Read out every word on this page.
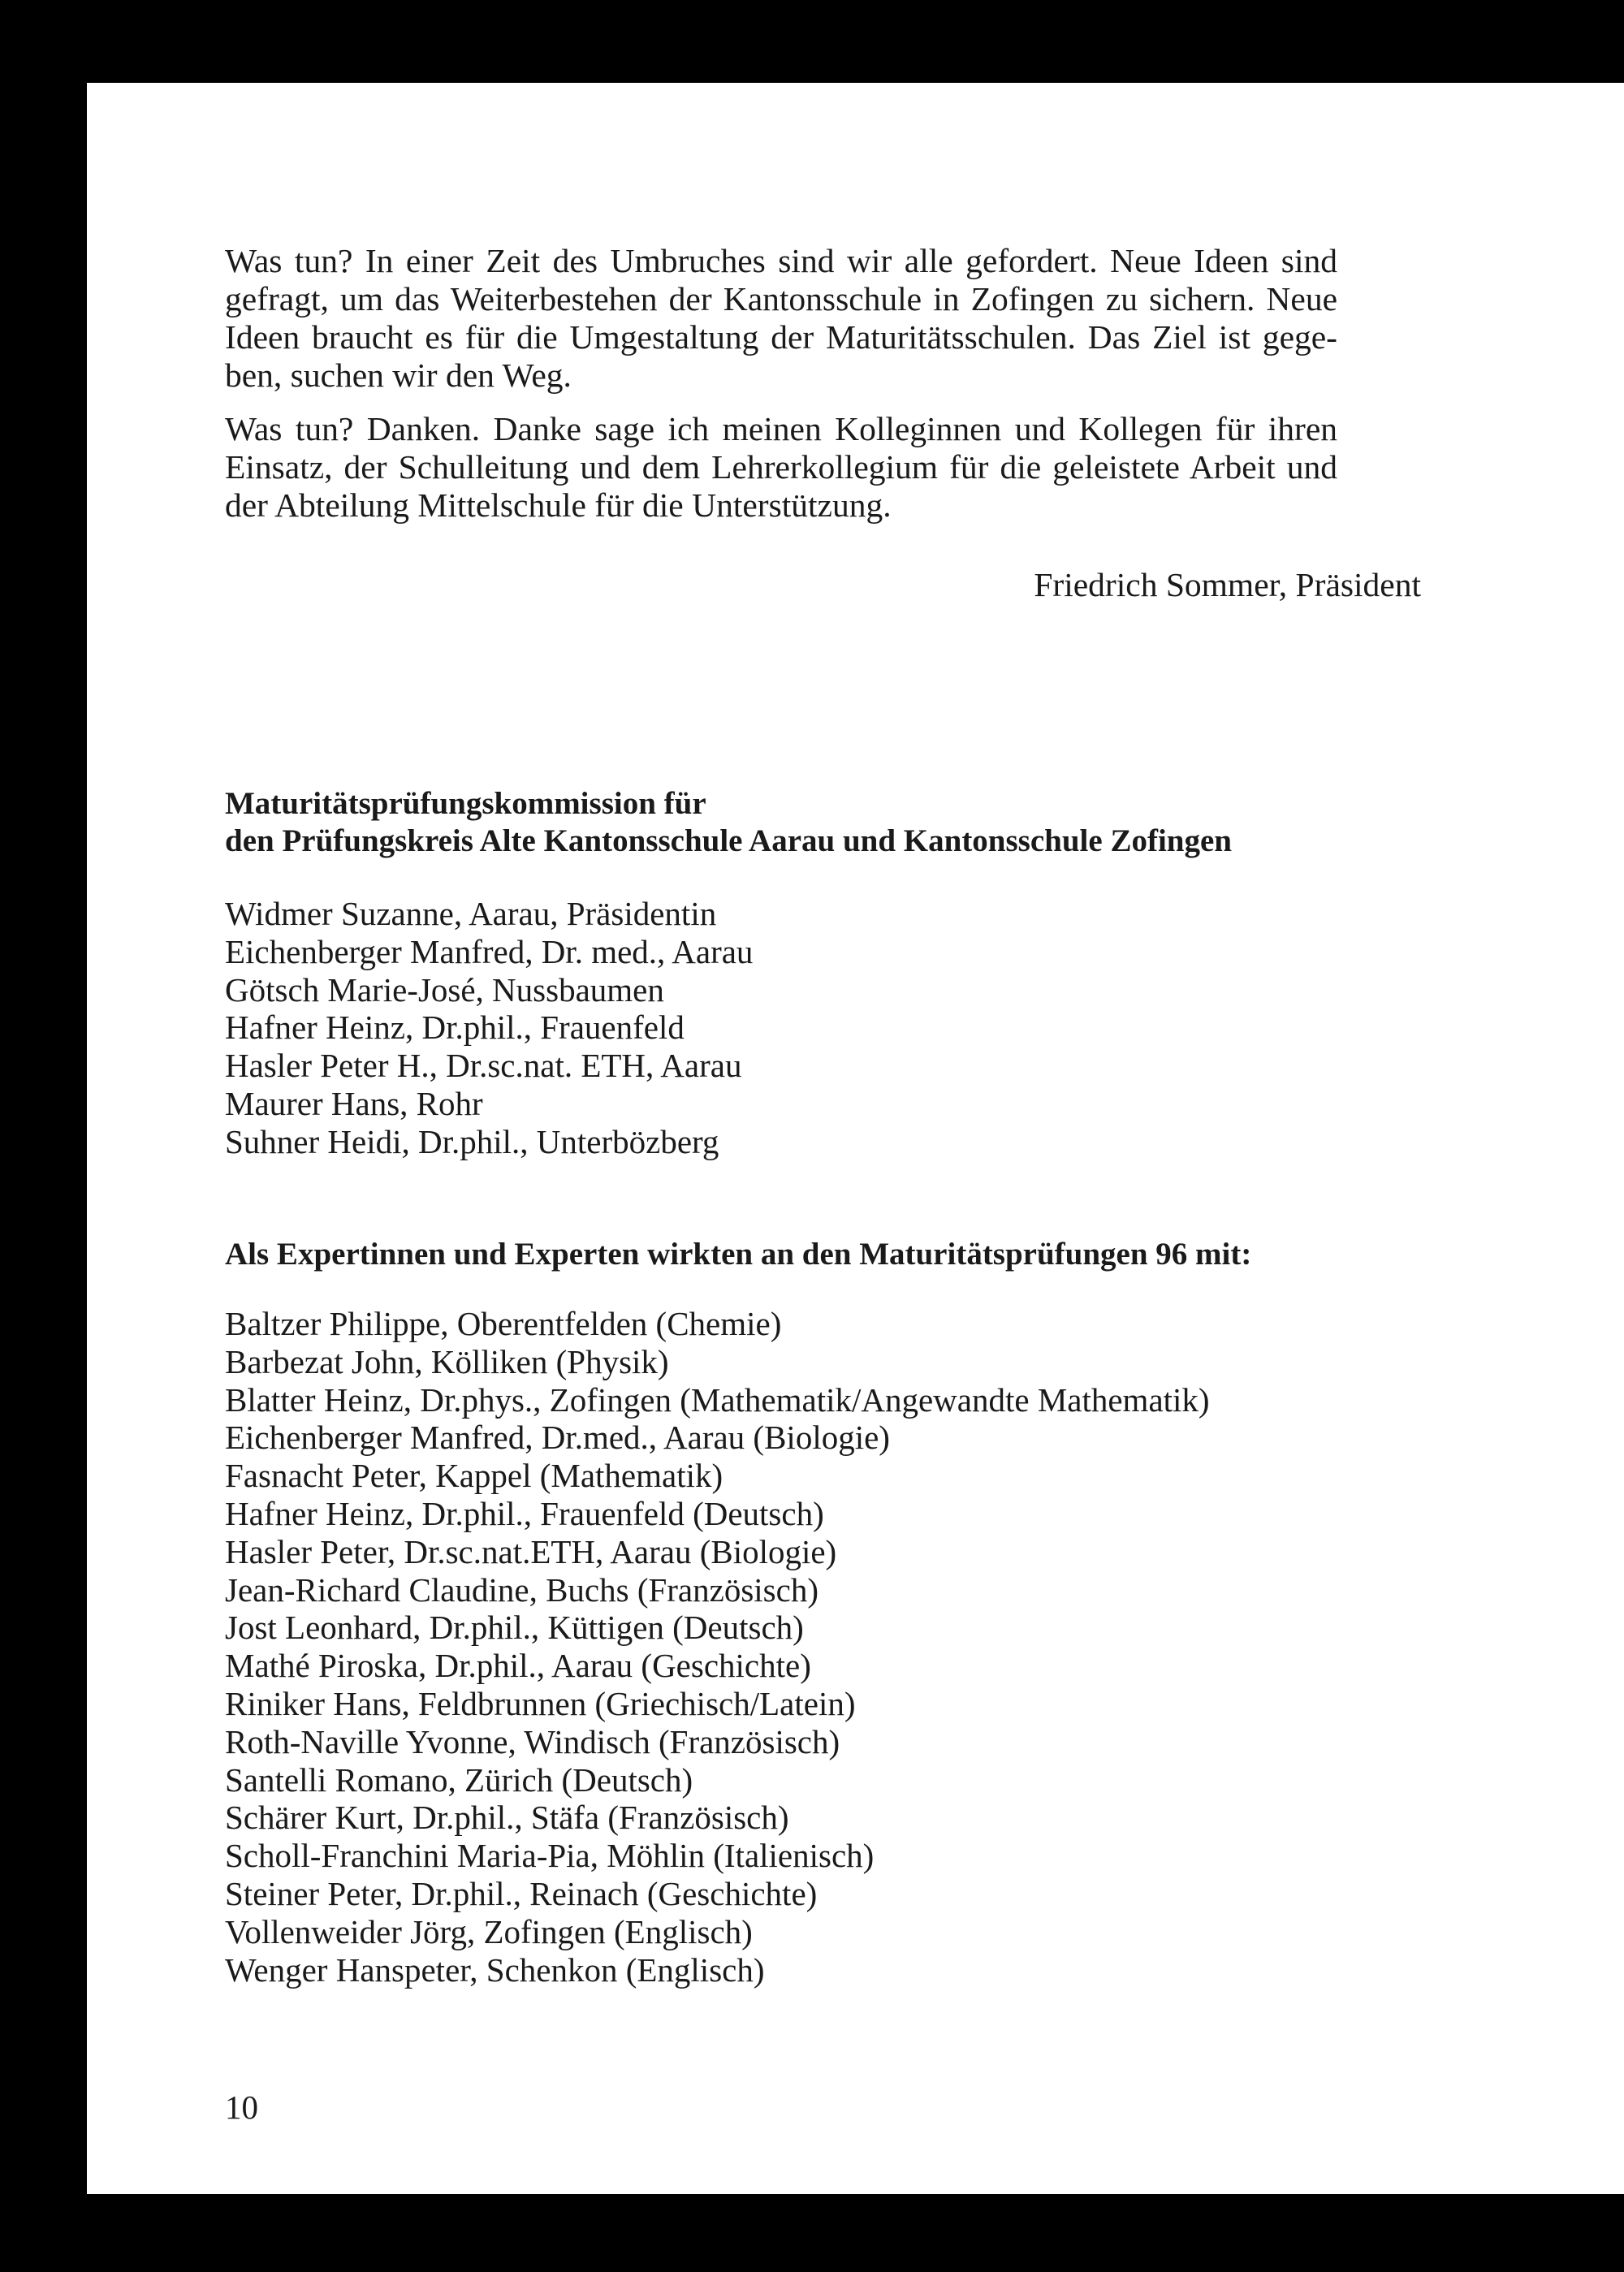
Was tun? In einer Zeit des Umbruches sind wir alle gefordert. Neue Ideen sind
gefragt, um das Weiterbestehen der Kantonsschule in Zofingen zu sichern. Neue
Ideen braucht es für die Umgestaltung der Maturitätsschulen. Das Ziel ist gege-
ben, suchen wir den Weg.

Was tun? Danken. Danke sage ich meinen Kolleginnen und Kollegen für ihren
Einsatz, der Schulleitung und dem Lehrerkollegium für die geleistete Arbeit und
der Abteilung Mittelschule für die Unterstützung.

Friedrich Sommer, Präsident
Maturitätsprüfungskommission für
den Prüfungskreis Alte Kantonsschule Aarau und Kantonsschule Zofingen
Widmer Suzanne, Aarau, Präsidentin
Eichenberger Manfred, Dr. med., Aarau
Götsch Marie-José, Nussbaumen
Hafner Heinz, Dr.phil., Frauenfeld
Hasler Peter H., Dr.sc.nat. ETH, Aarau
Maurer Hans, Rohr
Suhner Heidi, Dr.phil., Unterbözberg
Als Expertinnen und Experten wirkten an den Maturitätsprüfungen 96 mit:
Baltzer Philippe, Oberentfelden (Chemie)
Barbezat John, Kölliken (Physik)
Blatter Heinz, Dr.phys., Zofingen (Mathematik/Angewandte Mathematik)
Eichenberger Manfred, Dr.med., Aarau (Biologie)
Fasnacht Peter, Kappel (Mathematik)
Hafner Heinz, Dr.phil., Frauenfeld (Deutsch)
Hasler Peter, Dr.sc.nat.ETH, Aarau (Biologie)
Jean-Richard Claudine, Buchs (Französisch)
Jost Leonhard, Dr.phil., Küttigen (Deutsch)
Mathé Piroska, Dr.phil., Aarau (Geschichte)
Riniker Hans, Feldbrunnen (Griechisch/Latein)
Roth-Naville Yvonne, Windisch (Französisch)
Santelli Romano, Zürich (Deutsch)
Schärer Kurt, Dr.phil., Stäfa (Französisch)
Scholl-Franchini Maria-Pia, Möhlin (Italienisch)
Steiner Peter, Dr.phil., Reinach (Geschichte)
Vollenweider Jörg, Zofingen (Englisch)
Wenger Hanspeter, Schenkon (Englisch)
10
